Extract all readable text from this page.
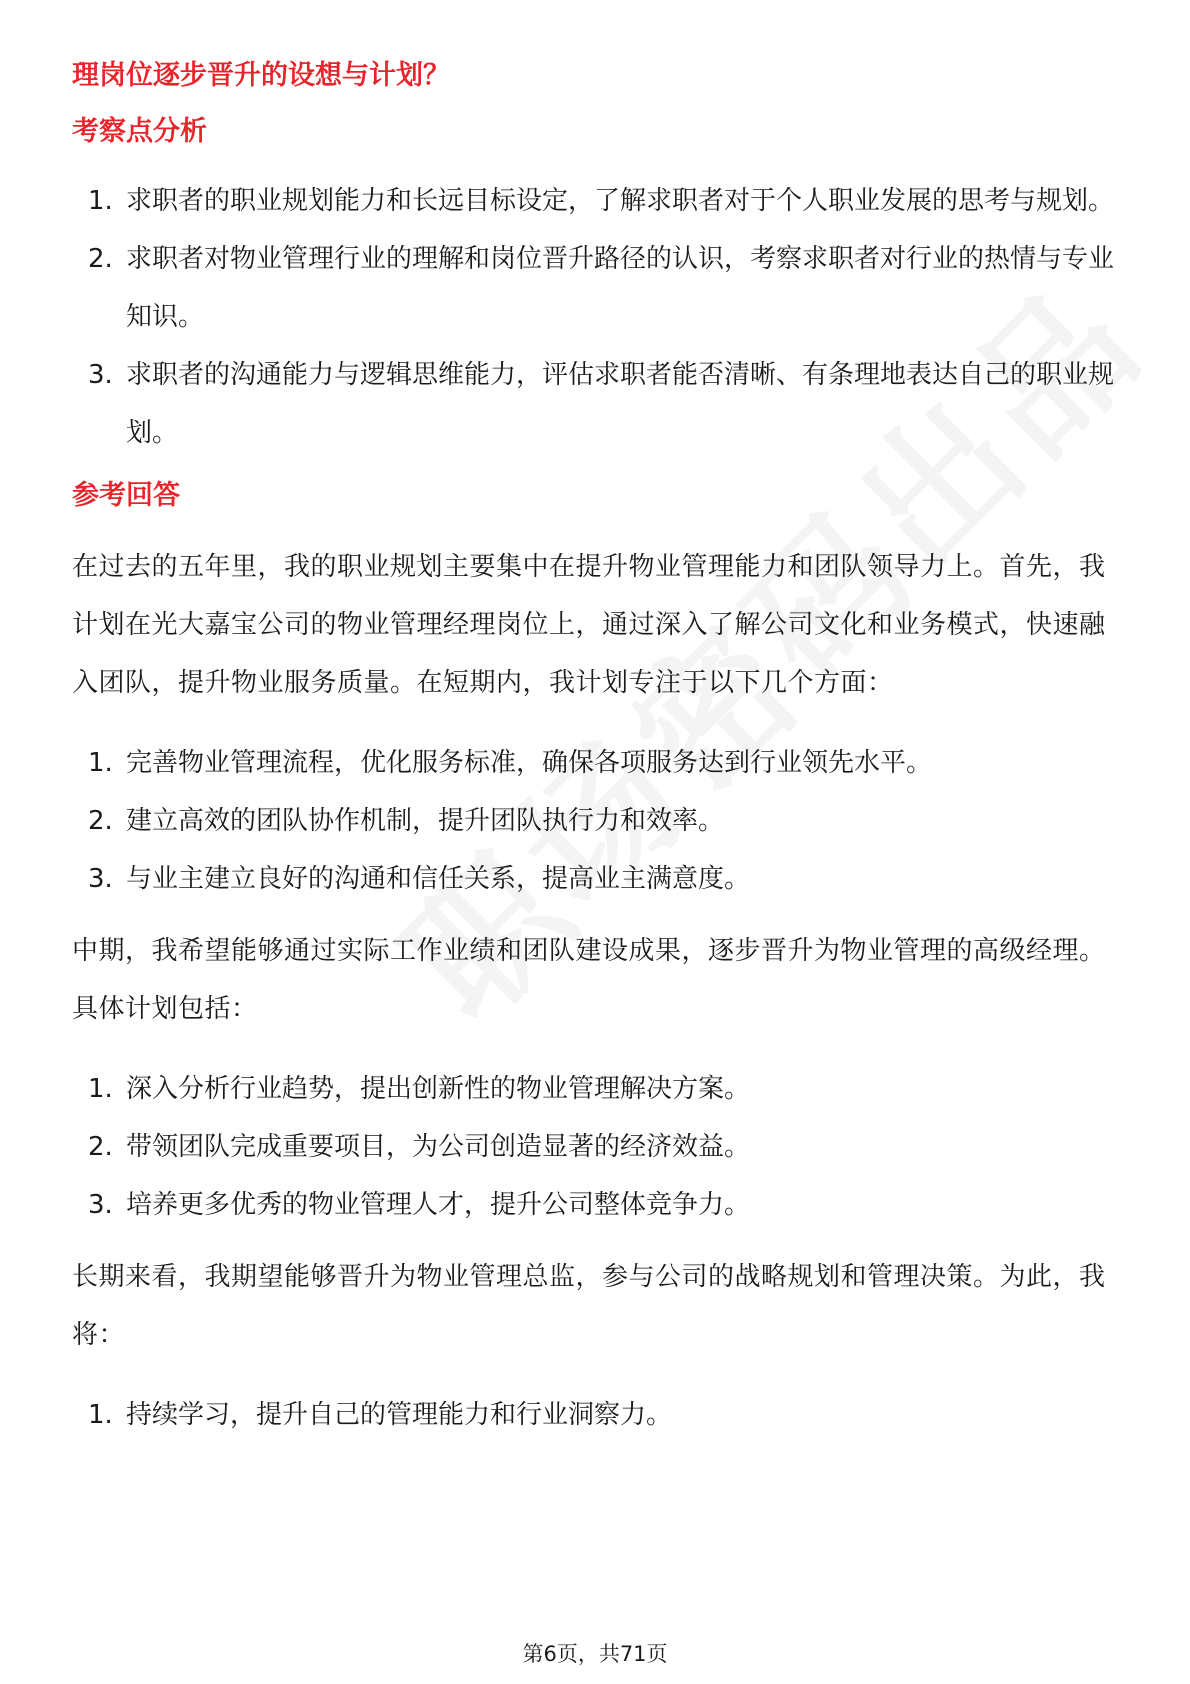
理岗位逐步晋升的设想与计划？
考察点分析
1. 求职者的职业规划能力和长远目标设定，了解求职者对于个人职业发展的思考与规划。
2. 求职者对物业管理行业的理解和岗位晋升路径的认识，考察求职者对行业的热情与专业知识。
3. 求职者的沟通能力与逻辑思维能力，评估求职者能否清晰、有条理地表达自己的职业规划。
参考回答

在过去的五年里，我的职业规划主要集中在提升物业管理能力和团队领导力上。首先，我计划在光大嘉宝公司的物业管理经理岗位上，通过深入了解公司文化和业务模式，快速融入团队，提升物业服务质量。在短期内，我计划专注于以下几个方面：

1. 完善物业管理流程，优化服务标准，确保各项服务达到行业领先水平。
2. 建立高效的团队协作机制，提升团队执行力和效率。
3. 与业主建立良好的沟通和信任关系，提高业主满意度。

中期，我希望能够通过实际工作业绩和团队建设成果，逐步晋升为物业管理的高级经理。具体计划包括：

1. 深入分析行业趋势，提出创新性的物业管理解决方案。
2. 带领团队完成重要项目，为公司创造显著的经济效益。
3. 培养更多优秀的物业管理人才，提升公司整体竞争力。

长期来看，我期望能够晋升为物业管理总监，参与公司的战略规划和管理决策。为此，我将：

1. 持续学习，提升自己的管理能力和行业洞察力。
第6页，共71页
